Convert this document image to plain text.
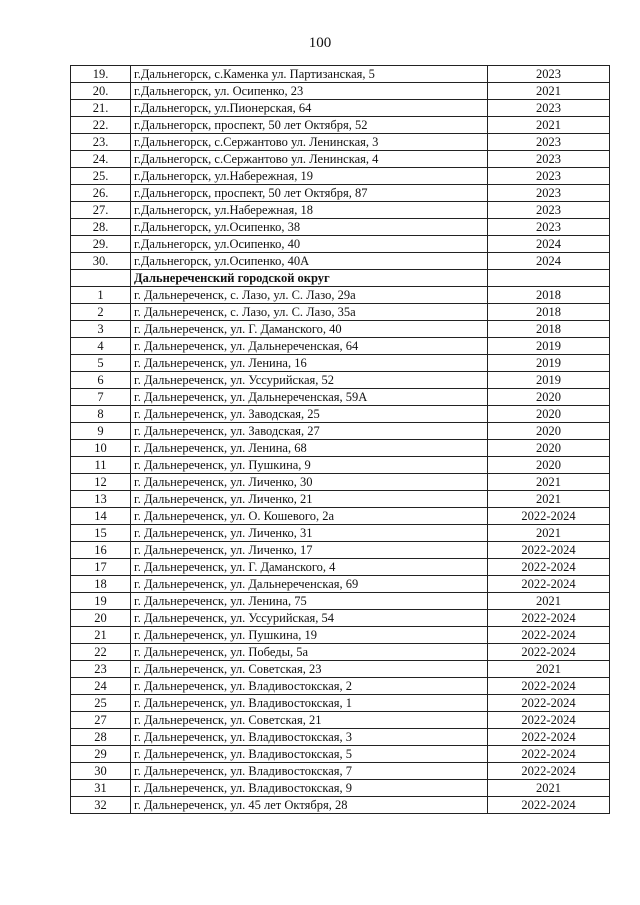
100
19.	г.Дальнегорск, с.Каменка ул. Партизанская, 5	2023
20.	г.Дальнегорск, ул. Осипенко, 23	2021
21.	г.Дальнегорск, ул.Пионерская, 64	2023
22.	г.Дальнегорск, проспект, 50 лет Октября, 52	2021
23.	г.Дальнегорск, с.Сержантово ул. Ленинская, 3	2023
24.	г.Дальнегорск, с.Сержантово ул. Ленинская, 4	2023
25.	г.Дальнегорск, ул.Набережная, 19	2023
26.	г.Дальнегорск, проспект, 50 лет Октября, 87	2023
27.	г.Дальнегорск, ул.Набережная, 18	2023
28.	г.Дальнегорск, ул.Осипенко, 38	2023
29.	г.Дальнегорск, ул.Осипенко, 40	2024
30.	г.Дальнегорск, ул.Осипенко, 40А	2024
	Дальнереченский городской округ	
1	г. Дальнереченск, с. Лазо, ул. С. Лазо, 29а	2018
2	г. Дальнереченск, с. Лазо, ул. С. Лазо, 35а	2018
3	г. Дальнереченск, ул. Г. Даманского, 40	2018
4	г. Дальнереченск, ул. Дальнереченская, 64	2019
5	г. Дальнереченск, ул. Ленина, 16	2019
6	г. Дальнереченск, ул. Уссурийская, 52	2019
7	г. Дальнереченск, ул. Дальнереченская, 59А	2020
8	г. Дальнереченск, ул. Заводская, 25	2020
9	г. Дальнереченск, ул. Заводская, 27	2020
10	г. Дальнереченск, ул. Ленина, 68	2020
11	г. Дальнереченск, ул. Пушкина, 9	2020
12	г. Дальнереченск, ул. Личенко, 30	2021
13	г. Дальнереченск, ул. Личенко, 21	2021
14	г. Дальнереченск, ул. О. Кошевого, 2а	2022-2024
15	г. Дальнереченск, ул. Личенко, 31	2021
16	г. Дальнереченск, ул. Личенко, 17	2022-2024
17	г. Дальнереченск, ул. Г. Даманского, 4	2022-2024
18	г. Дальнереченск, ул. Дальнереченская, 69	2022-2024
19	г. Дальнереченск, ул. Ленина, 75	2021
20	г. Дальнереченск, ул. Уссурийская, 54	2022-2024
21	г. Дальнереченск, ул. Пушкина, 19	2022-2024
22	г. Дальнереченск, ул. Победы, 5а	2022-2024
23	г. Дальнереченск, ул. Советская, 23	2021
24	г. Дальнереченск, ул. Владивостокская, 2	2022-2024
25	г. Дальнереченск, ул. Владивостокская, 1	2022-2024
27	г. Дальнереченск, ул. Советская, 21	2022-2024
28	г. Дальнереченск, ул. Владивостокская, 3	2022-2024
29	г. Дальнереченск, ул. Владивостокская, 5	2022-2024
30	г. Дальнереченск, ул. Владивостокская, 7	2022-2024
31	г. Дальнереченск, ул. Владивостокская, 9	2021
32	г. Дальнереченск, ул. 45 лет Октября, 28	2022-2024
